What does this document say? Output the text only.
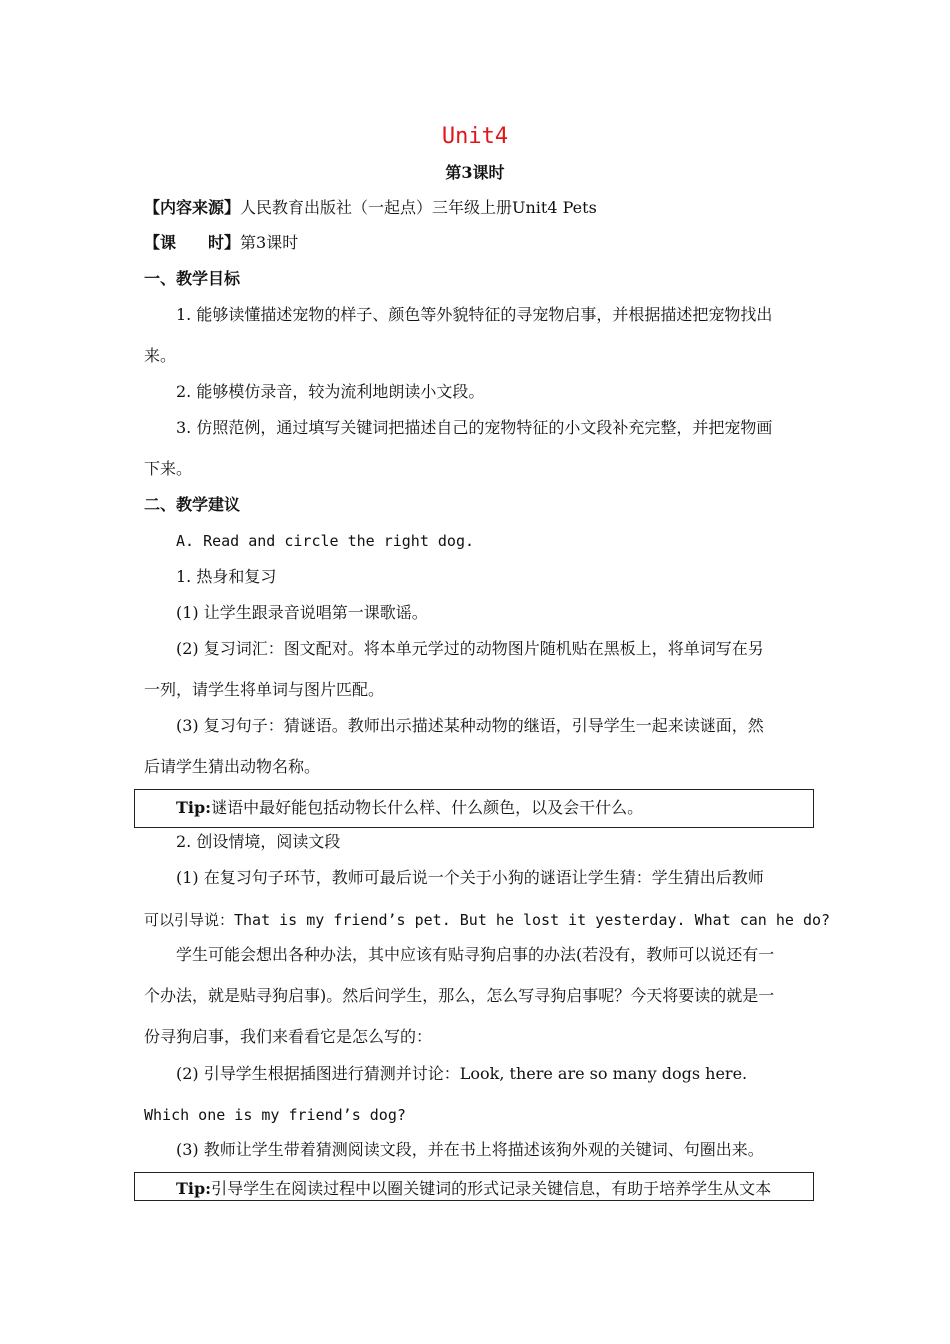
Unit4
第3课时
【内容来源】人民教育出版社（一起点）三年级上册Unit4 Pets
【课　　时】第3课时
一、教学目标
1. 能够读懂描述宠物的样子、颜色等外貌特征的寻宠物启事，并根据描述把宠物找出
来。
2. 能够模仿录音，较为流利地朗读小文段。
3. 仿照范例，通过填写关键词把描述自己的宠物特征的小文段补充完整，并把宠物画
下来。
二、教学建议
A. Read and circle the right dog.
1. 热身和复习
(1) 让学生跟录音说唱第一课歌谣。
(2) 复习词汇：图文配对。将本单元学过的动物图片随机贴在黑板上，将单词写在另
一列，请学生将单词与图片匹配。
(3) 复习句子：猜谜语。教师出示描述某种动物的继语，引导学生一起来读谜面，然
后请学生猜出动物名称。
Tip:谜语中最好能包括动物长什么样、什么颜色，以及会干什么。
2. 创设情境，阅读文段
(1) 在复习句子环节，教师可最后说一个关于小狗的谜语让学生猜：学生猜出后教师
可以引导说：That is my friend’s pet. But he lost it yesterday. What can he do?
学生可能会想出各种办法，其中应该有贴寻狗启事的办法(若没有，教师可以说还有一
个办法，就是贴寻狗启事)。然后问学生，那么，怎么写寻狗启事呢？今天将要读的就是一
份寻狗启事，我们来看看它是怎么写的：
(2) 引导学生根据插图进行猜测并讨论：Look, there are so many dogs here.
Which one is my friend’s dog?
(3) 教师让学生带着猜测阅读文段，并在书上将描述该狗外观的关键词、句圈出来。
Tip:引导学生在阅读过程中以圈关键词的形式记录关键信息，有助于培养学生从文本
